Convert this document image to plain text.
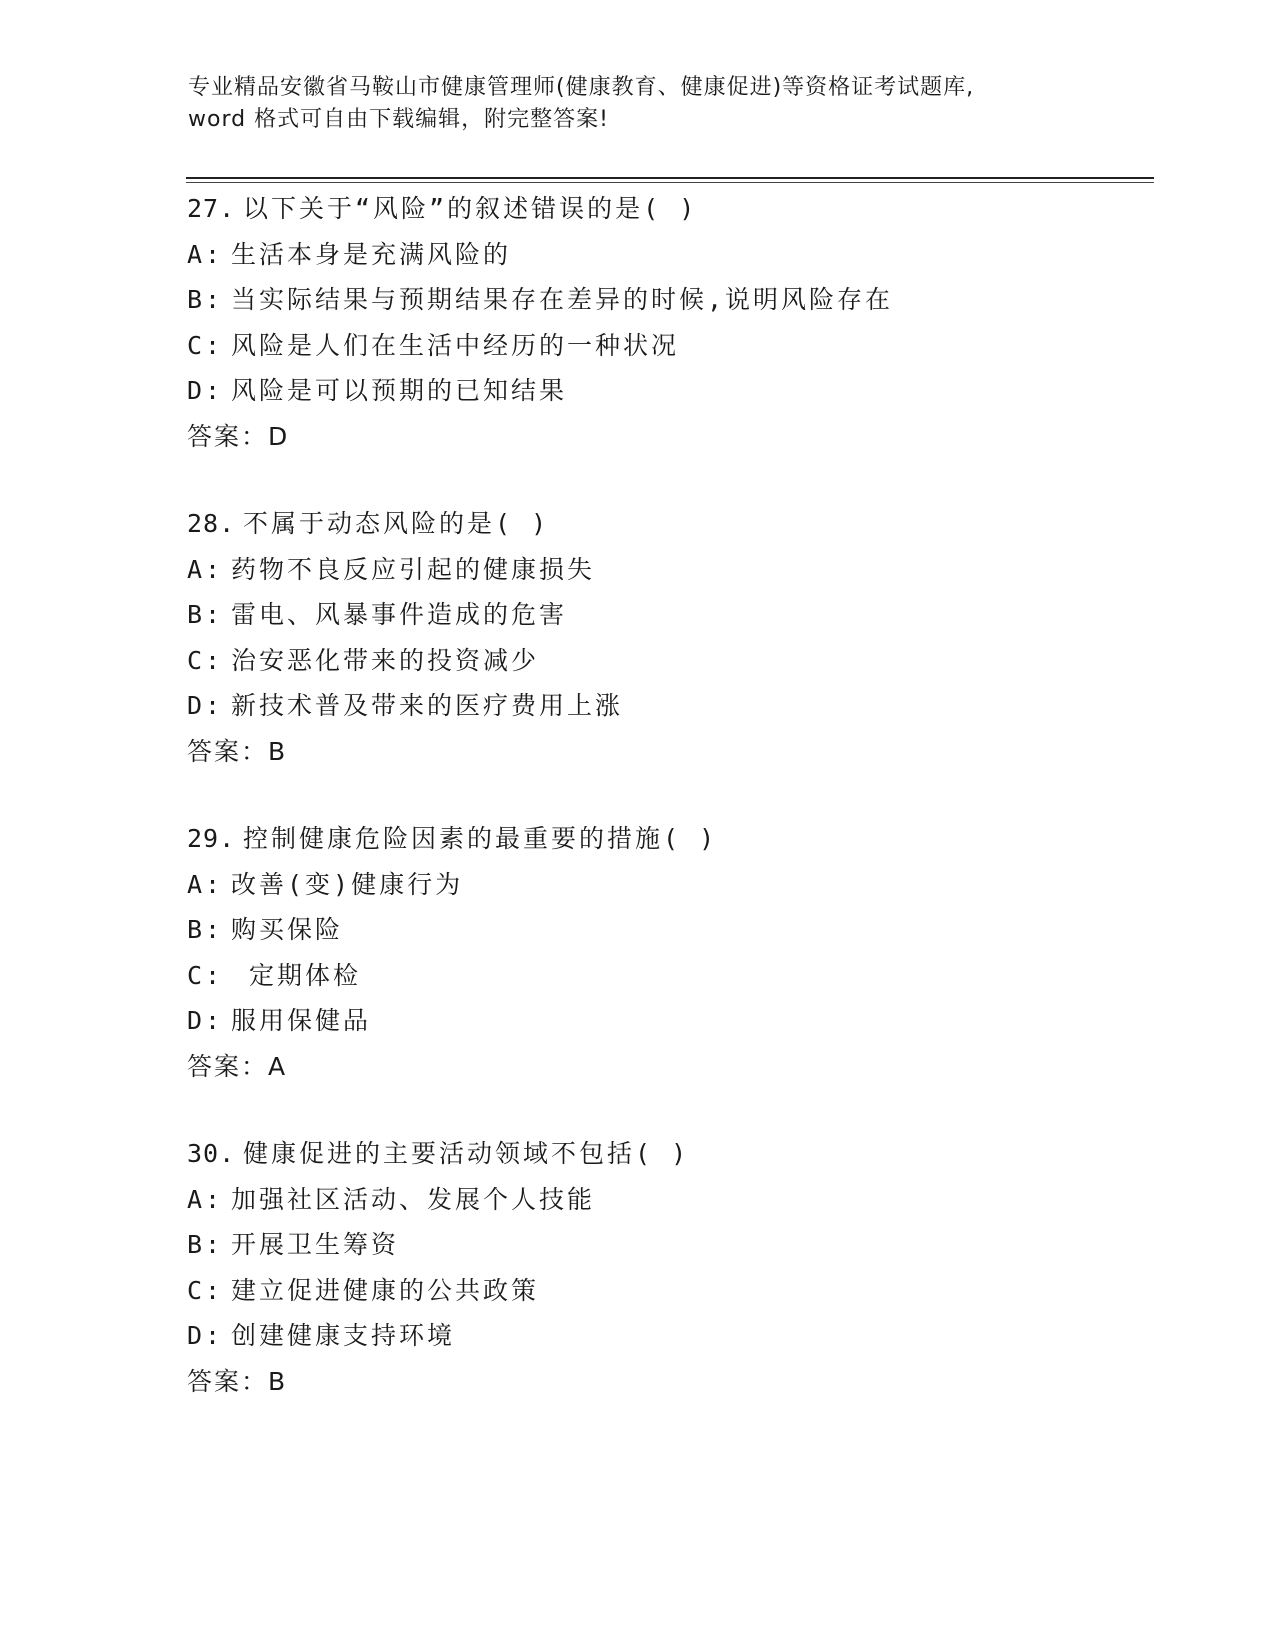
专业精品安徽省马鞍山市健康管理师(健康教育、健康促进)等资格证考试题库,
word 格式可自由下载编辑，附完整答案!
27. 以下关于“风险”的叙述错误的是( )
A: 生活本身是充满风险的
B: 当实际结果与预期结果存在差异的时候,说明风险存在
C: 风险是人们在生活中经历的一种状况
D: 风险是可以预期的已知结果
答案：D
28. 不属于动态风险的是( )
A: 药物不良反应引起的健康损失
B: 雷电、风暴事件造成的危害
C: 治安恶化带来的投资减少
D: 新技术普及带来的医疗费用上涨
答案：B
29. 控制健康危险因素的最重要的措施( )
A: 改善(变)健康行为
B: 购买保险
C: 定期体检
D: 服用保健品
答案：A
30. 健康促进的主要活动领域不包括( )
A: 加强社区活动、发展个人技能
B: 开展卫生筹资
C: 建立促进健康的公共政策
D: 创建健康支持环境
答案：B
